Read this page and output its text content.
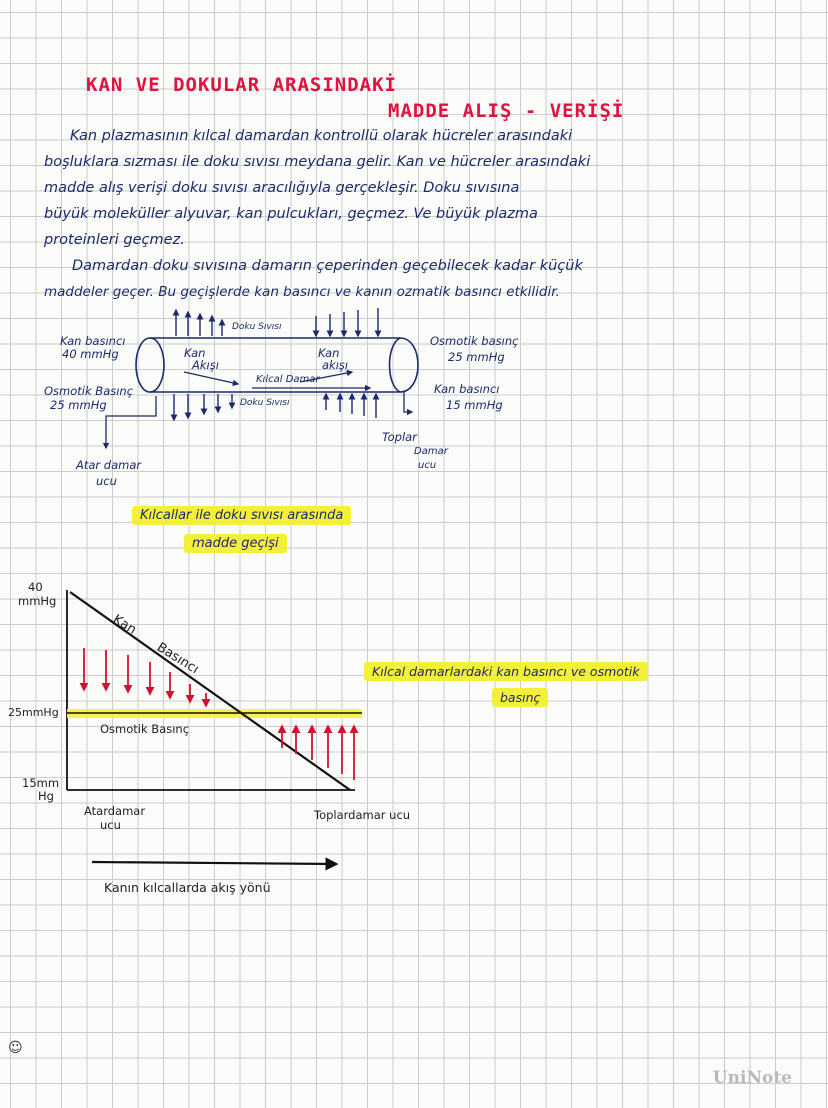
KAN VE DOKULAR ARASINDAKİ
MADDE ALIŞ - VERİŞİ
Kan plazmasının kılcal damardan kontrollü olarak hücreler arasındaki
boşluklara sızması ile doku sıvısı meydana gelir. Kan ve hücreler arasındaki
madde alış verişi doku sıvısı aracılığıyla gerçekleşir. Doku sıvısına
büyük moleküller alyuvar, kan pulcukları, geçmez. Ve büyük plazma
proteinleri geçmez.
Damardan doku sıvısına damarın çeperinden geçebilecek kadar küçük
maddeler geçer. Bu geçişlerde kan basıncı ve kanın ozmatik basıncı etkilidir.
Kan basıncı
40 mmHg
Osmotik Basınç
25 mmHg
Osmotik basınç
25 mmHg
Kan basıncı
15 mmHg
Doku Sıvısı
Doku Sıvısı
Kan
Akışı
Kan
akışı
Kılcal Damar
Atar damar
ucu
Toplar
Damar
ucu
Kılcallar ile doku sıvısı arasında
madde geçişi
40
mmHg
25mmHg
15mm
Hg
Kan
Basıncı
Osmotik Basınç
Atardamar
ucu
Toplardamar ucu
Kanın kılcallarda akış yönü
Kılcal damarlardaki kan basıncı ve osmotik
basınç
☺
UniNote
